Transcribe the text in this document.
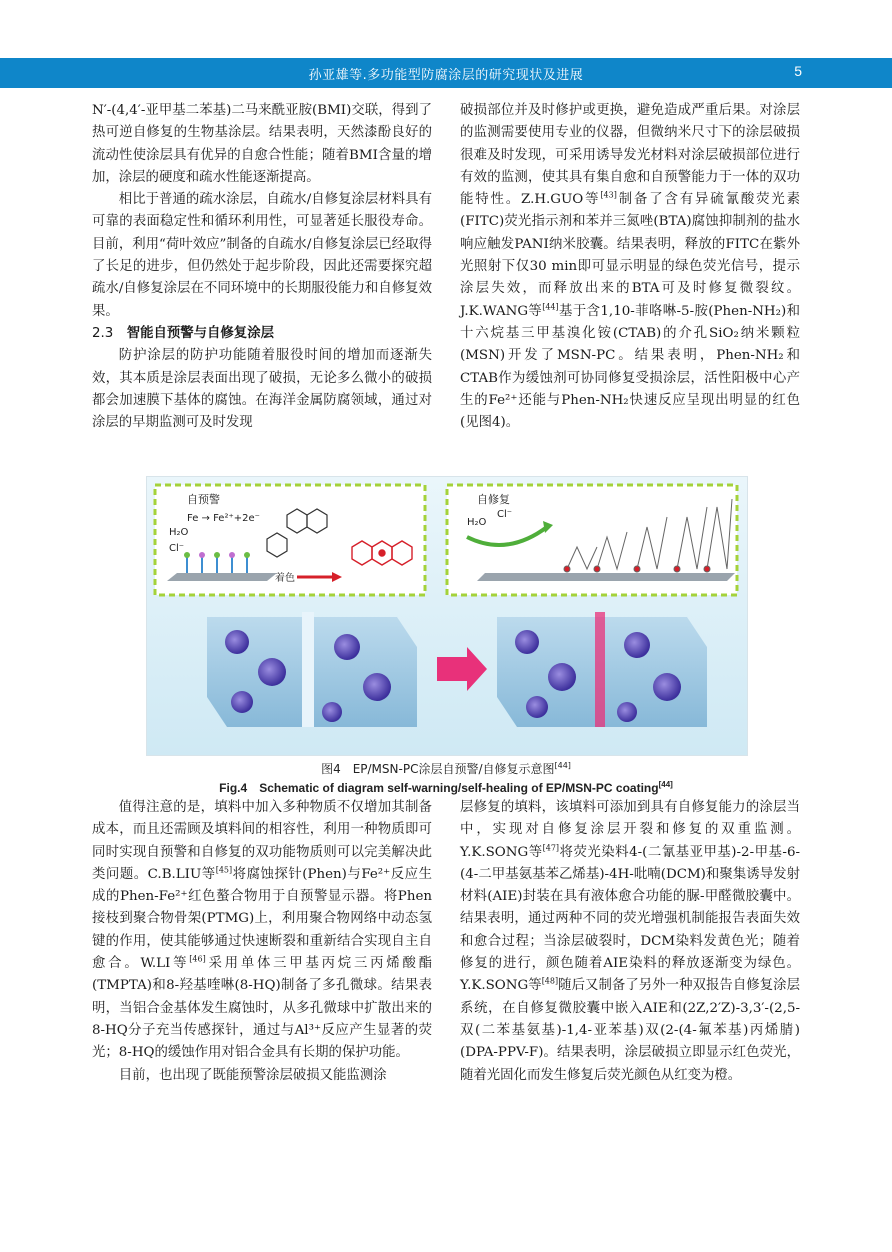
孙亚雄等.多功能型防腐涂层的研究现状及进展	5

N′-(4,4′-亚甲基二苯基)二马来酰亚胺(BMI)交联，得到了热可逆自修复的生物基涂层。结果表明，天然漆酚良好的流动性使涂层具有优异的自愈合性能；随着BMI含量的增加，涂层的硬度和疏水性能逐渐提高。

相比于普通的疏水涂层，自疏水/自修复涂层材料具有可靠的表面稳定性和循环利用性，可显著延长服役寿命。目前，利用“荷叶效应”制备的自疏水/自修复涂层已经取得了长足的进步，但仍然处于起步阶段，因此还需要探究超疏水/自修复涂层在不同环境中的长期服役能力和自修复效果。

2.3　 智能自预警与自修复涂层

防护涂层的防护功能随着服役时间的增加而逐渐失效，其本质是涂层表面出现了破损，无论多么微小的破损都会加速膜下基体的腐蚀。在海洋金属防腐领域，通过对涂层的早期监测可及时发现

破损部位并及时修护或更换，避免造成严重后果。对涂层的监测需要使用专业的仪器，但微纳米尺寸下的涂层破损很难及时发现，可采用诱导发光材料对涂层破损部位进行有效的监测，使其具有集自愈和自预警能力于一体的双功能特性。Z.H.GUO等[43]制备了含有异硫氰酸荧光素(FITC)荧光指示剂和苯并三氮唑(BTA)腐蚀抑制剂的盐水响应触发PANI纳米胶囊。结果表明，释放的FITC在紫外光照射下仅30 min即可显示明显的绿色荧光信号，提示涂层失效，而释放出来的BTA可及时修复微裂纹。J.K.WANG等[44]基于含1,10-菲咯啉-5-胺(Phen-NH₂)和十六烷基三甲基溴化铵(CTAB)的介孔SiO₂纳米颗粒(MSN)开发了MSN-PC。结果表明，Phen-NH₂和CTAB作为缓蚀剂可协同修复受损涂层，活性阳极中心产生的Fe²⁺还能与Phen-NH₂快速反应呈现出明显的红色(见图4)。

自预警
Fe → Fe²⁺+2e⁻
H₂O
Cl⁻
着色
自修复
H₂O
Cl⁻
图4　EP/MSN-PC涂层自预警/自修复示意图[44]
Fig.4　 Schematic of diagram self-warning/self-healing of EP/MSN-PC coating[44]

值得注意的是，填料中加入多种物质不仅增加其制备成本，而且还需顾及填料间的相容性，利用一种物质即可同时实现自预警和自修复的双功能物质则可以完美解决此类问题。C.B.LIU等[45]将腐蚀探针(Phen)与Fe²⁺反应生成的Phen-Fe²⁺红色螯合物用于自预警显示器。将Phen接枝到聚合物骨架(PTMG)上，利用聚合物网络中动态氢键的作用，使其能够通过快速断裂和重新结合实现自主自愈合。W.LI等[46]采用单体三甲基丙烷三丙烯酸酯(TMPTA)和8-羟基喹啉(8-HQ)制备了多孔微球。结果表明，当铝合金基体发生腐蚀时，从多孔微球中扩散出来的8-HQ分子充当传感探针，通过与Al³⁺反应产生显著的荧光；8-HQ的缓蚀作用对铝合金具有长期的保护功能。

目前，也出现了既能预警涂层破损又能监测涂

层修复的填料，该填料可添加到具有自修复能力的涂层当中，实现对自修复涂层开裂和修复的双重监测。Y.K.SONG等[47]将荧光染料4-(二氰基亚甲基)-2-甲基-6-(4-二甲基氨基苯乙烯基)-4H-吡喃(DCM)和聚集诱导发射材料(AIE)封装在具有液体愈合功能的脲-甲醛微胶囊中。结果表明，通过两种不同的荧光增强机制能报告表面失效和愈合过程；当涂层破裂时，DCM染料发黄色光；随着修复的进行，颜色随着AIE染料的释放逐渐变为绿色。Y.K.SONG等[48]随后又制备了另外一种双报告自修复涂层系统，在自修复微胶囊中嵌入AIE和(2Z,2′Z)-3,3′-(2,5-双(二苯基氨基)-1,4-亚苯基)双(2-(4-氟苯基)丙烯腈)(DPA-PPV-F)。结果表明，涂层破损立即显示红色荧光，随着光固化而发生修复后荧光颜色从红变为橙。
